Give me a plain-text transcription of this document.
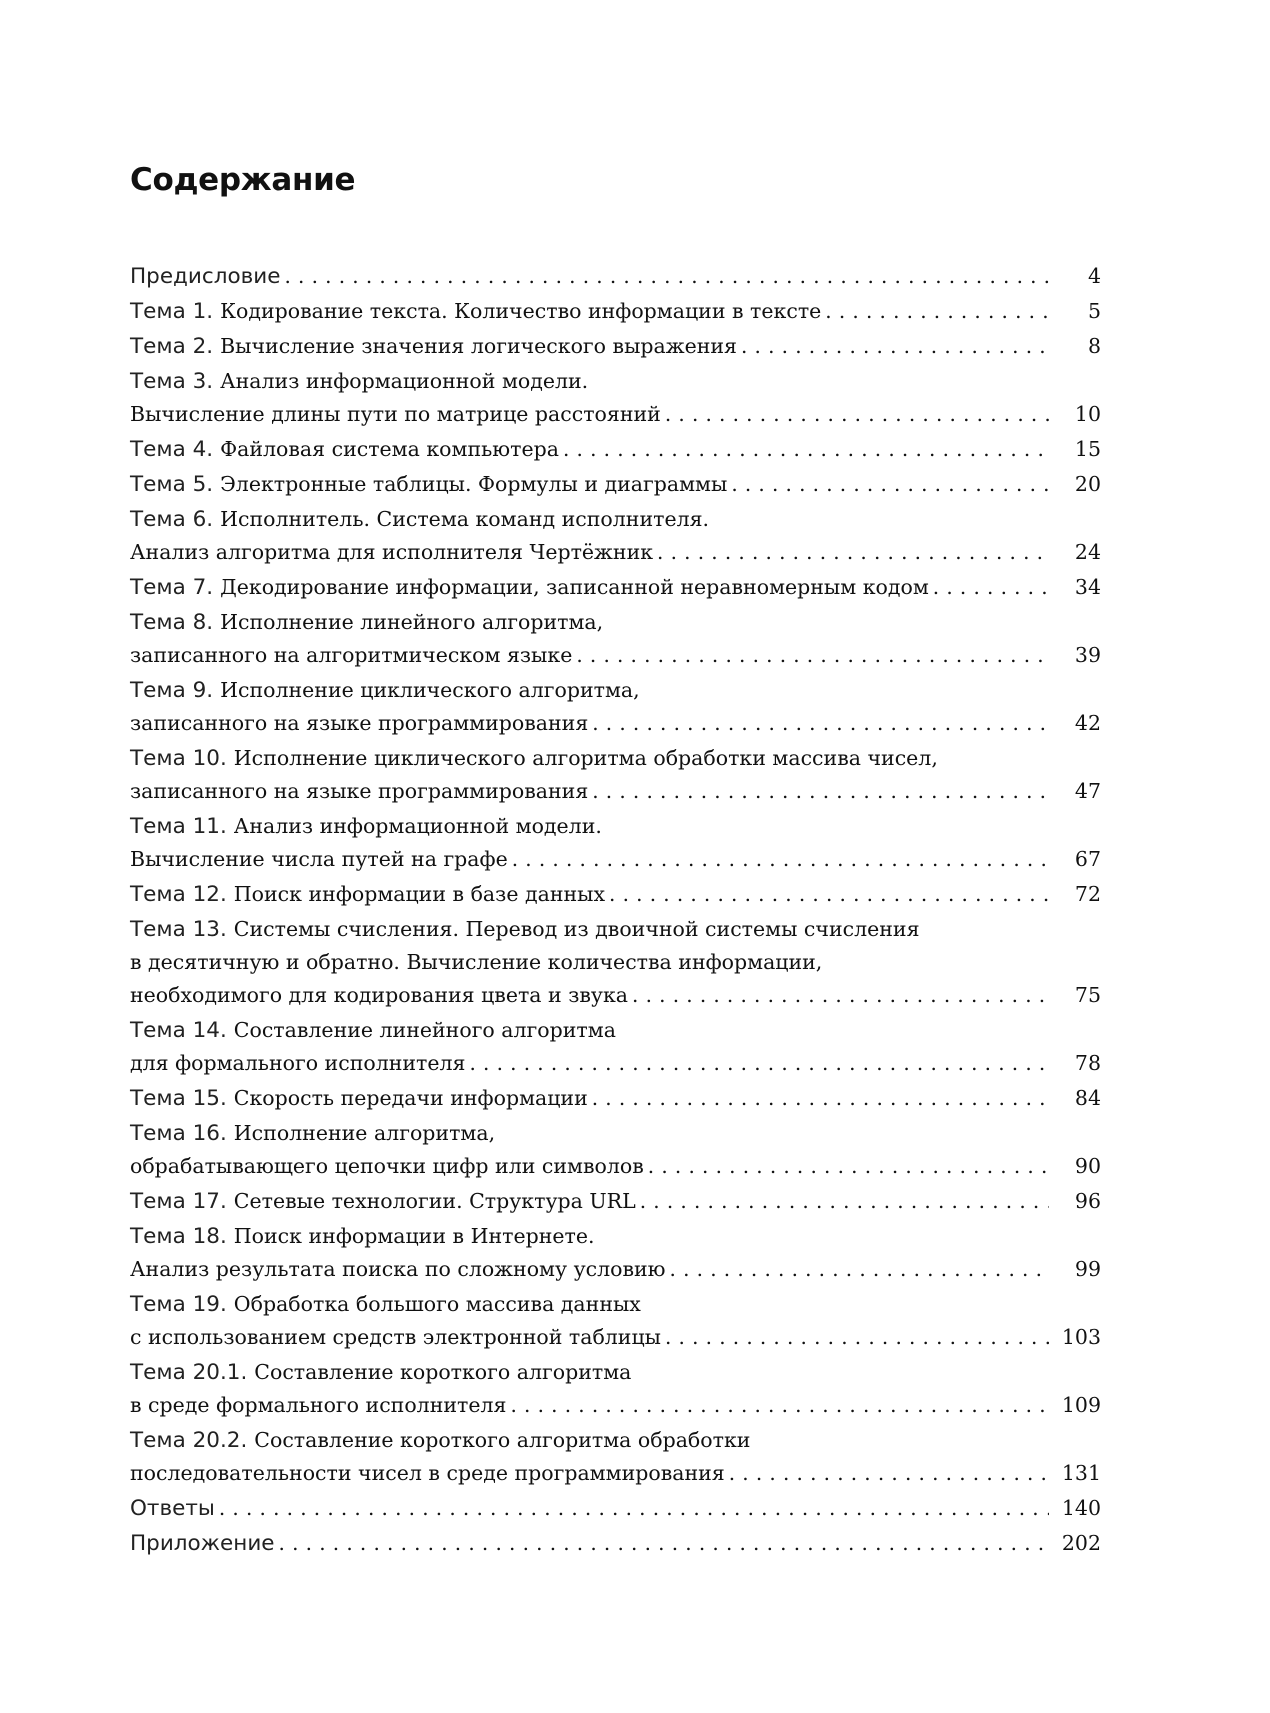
Содержание
Предисловие .....	4
Тема 1. Кодирование текста. Количество информации в тексте .....	5
Тема 2. Вычисление значения логического выражения .....	8
Тема 3. Анализ информационной модели.
Вычисление длины пути по матрице расстояний .....	10
Тема 4. Файловая система компьютера .....	15
Тема 5. Электронные таблицы. Формулы и диаграммы .....	20
Тема 6. Исполнитель. Система команд исполнителя.
Анализ алгоритма для исполнителя Чертёжник .....	24
Тема 7. Декодирование информации, записанной неравномерным кодом .....	34
Тема 8. Исполнение линейного алгоритма,
записанного на алгоритмическом языке .....	39
Тема 9. Исполнение циклического алгоритма,
записанного на языке программирования .....	42
Тема 10. Исполнение циклического алгоритма обработки массива чисел,
записанного на языке программирования .....	47
Тема 11. Анализ информационной модели.
Вычисление числа путей на графе .....	67
Тема 12. Поиск информации в базе данных .....	72
Тема 13. Системы счисления. Перевод из двоичной системы счисления
в десятичную и обратно. Вычисление количества информации,
необходимого для кодирования цвета и звука .....	75
Тема 14. Составление линейного алгоритма
для формального исполнителя .....	78
Тема 15. Скорость передачи информации .....	84
Тема 16. Исполнение алгоритма,
обрабатывающего цепочки цифр или символов .....	90
Тема 17. Сетевые технологии. Структура URL .....	96
Тема 18. Поиск информации в Интернете.
Анализ результата поиска по сложному условию .....	99
Тема 19. Обработка большого массива данных
с использованием средств электронной таблицы .....	103
Тема 20.1. Составление короткого алгоритма
в среде формального исполнителя .....	109
Тема 20.2. Составление короткого алгоритма обработки
последовательности чисел в среде программирования .....	131
Ответы .....	140
Приложение .....	202
